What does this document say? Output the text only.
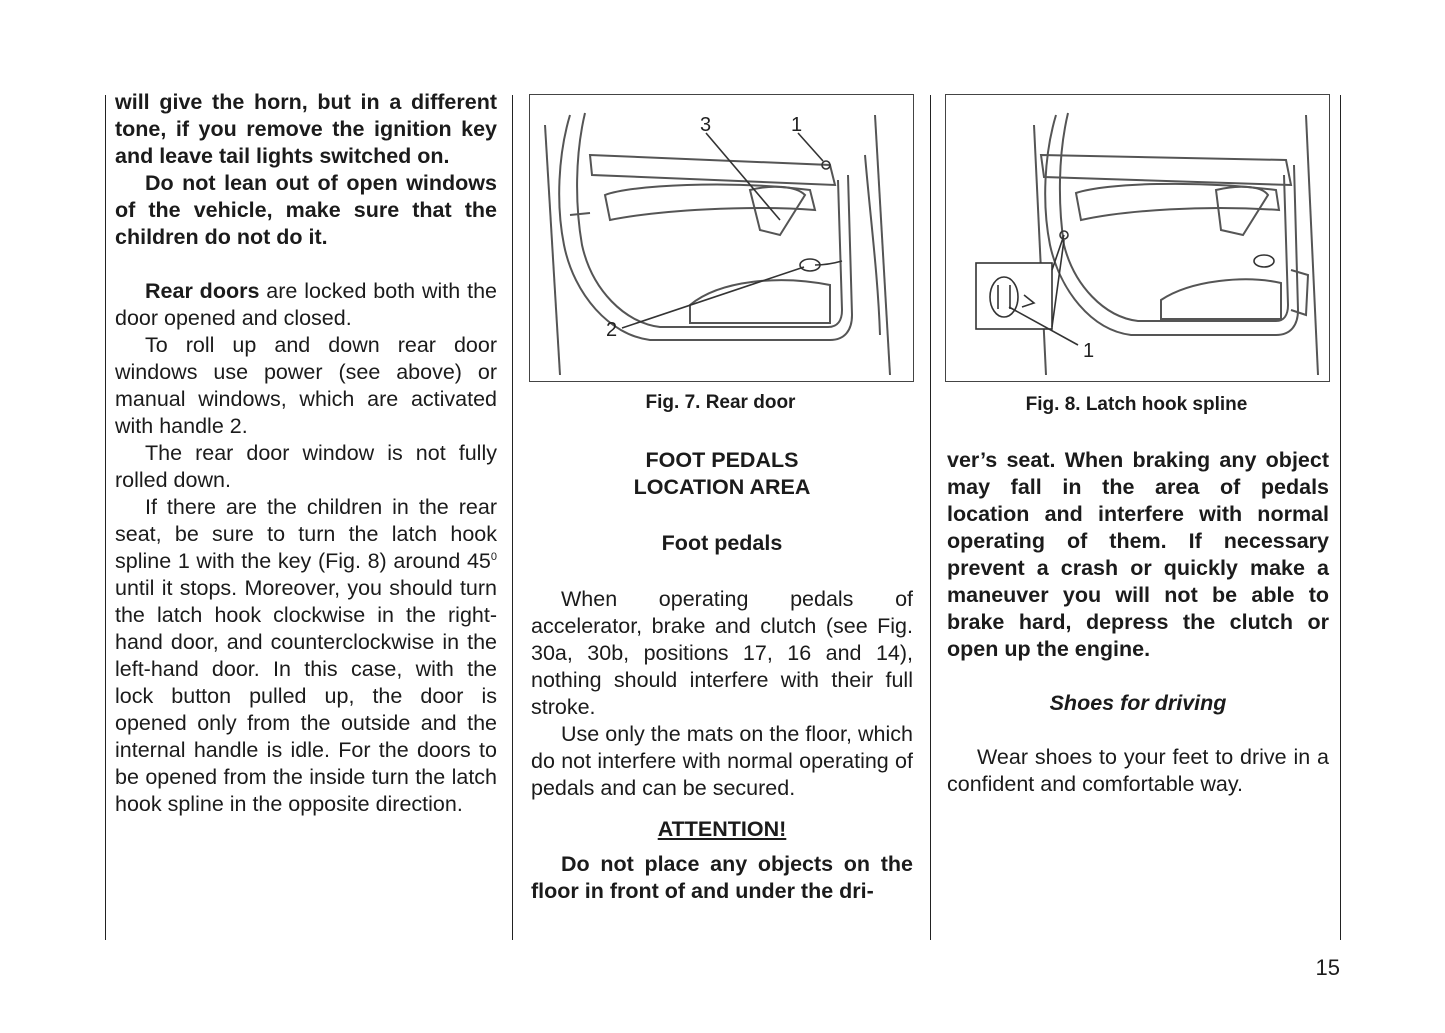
will give the horn, but in a different tone, if you remove the ignition key and leave tail lights switched on.

Do not lean out of open windows of the vehicle, make sure that the children do not do it.

Rear doors are locked both with the door opened and closed.

To roll up and down rear door windows use power (see above) or manual windows, which are activated with handle 2.

The rear door window is not fully rolled down.

If there are the children in the rear seat, be sure to turn the latch hook spline 1 with the key (Fig. 8) around $45^0$ until it stops. Moreover, you should turn the latch hook clockwise in the right-hand door, and counterclockwise in the left-hand door. In this case, with the lock button pulled up, the door is opened only from the outside and the internal handle is idle. For the doors to be opened from the inside turn the latch hook spline in the opposite direction.

3	1
2
Fig. 7. Rear door

FOOT PEDALS

LOCATION AREA

Foot pedals

When operating pedals of accelerator, brake and clutch (see Fig. 30a, 30b, positions 17, 16 and 14), nothing should interfere with their full stroke.

Use only the mats on the floor, which do not interfere with normal operating of pedals and can be secured.

ATTENTION!

Do not place any objects on the floor in front of and under the dri-

1
Fig. 8. Latch hook spline

ver’s seat. When braking any object may fall in the area of pedals location and interfere with normal operating of them. If necessary prevent a crash or quickly make a maneuver you will not be able to brake hard, depress the clutch or open up the engine.

Shoes for driving

Wear shoes to your feet to drive in a confident and comfortable way.

15
